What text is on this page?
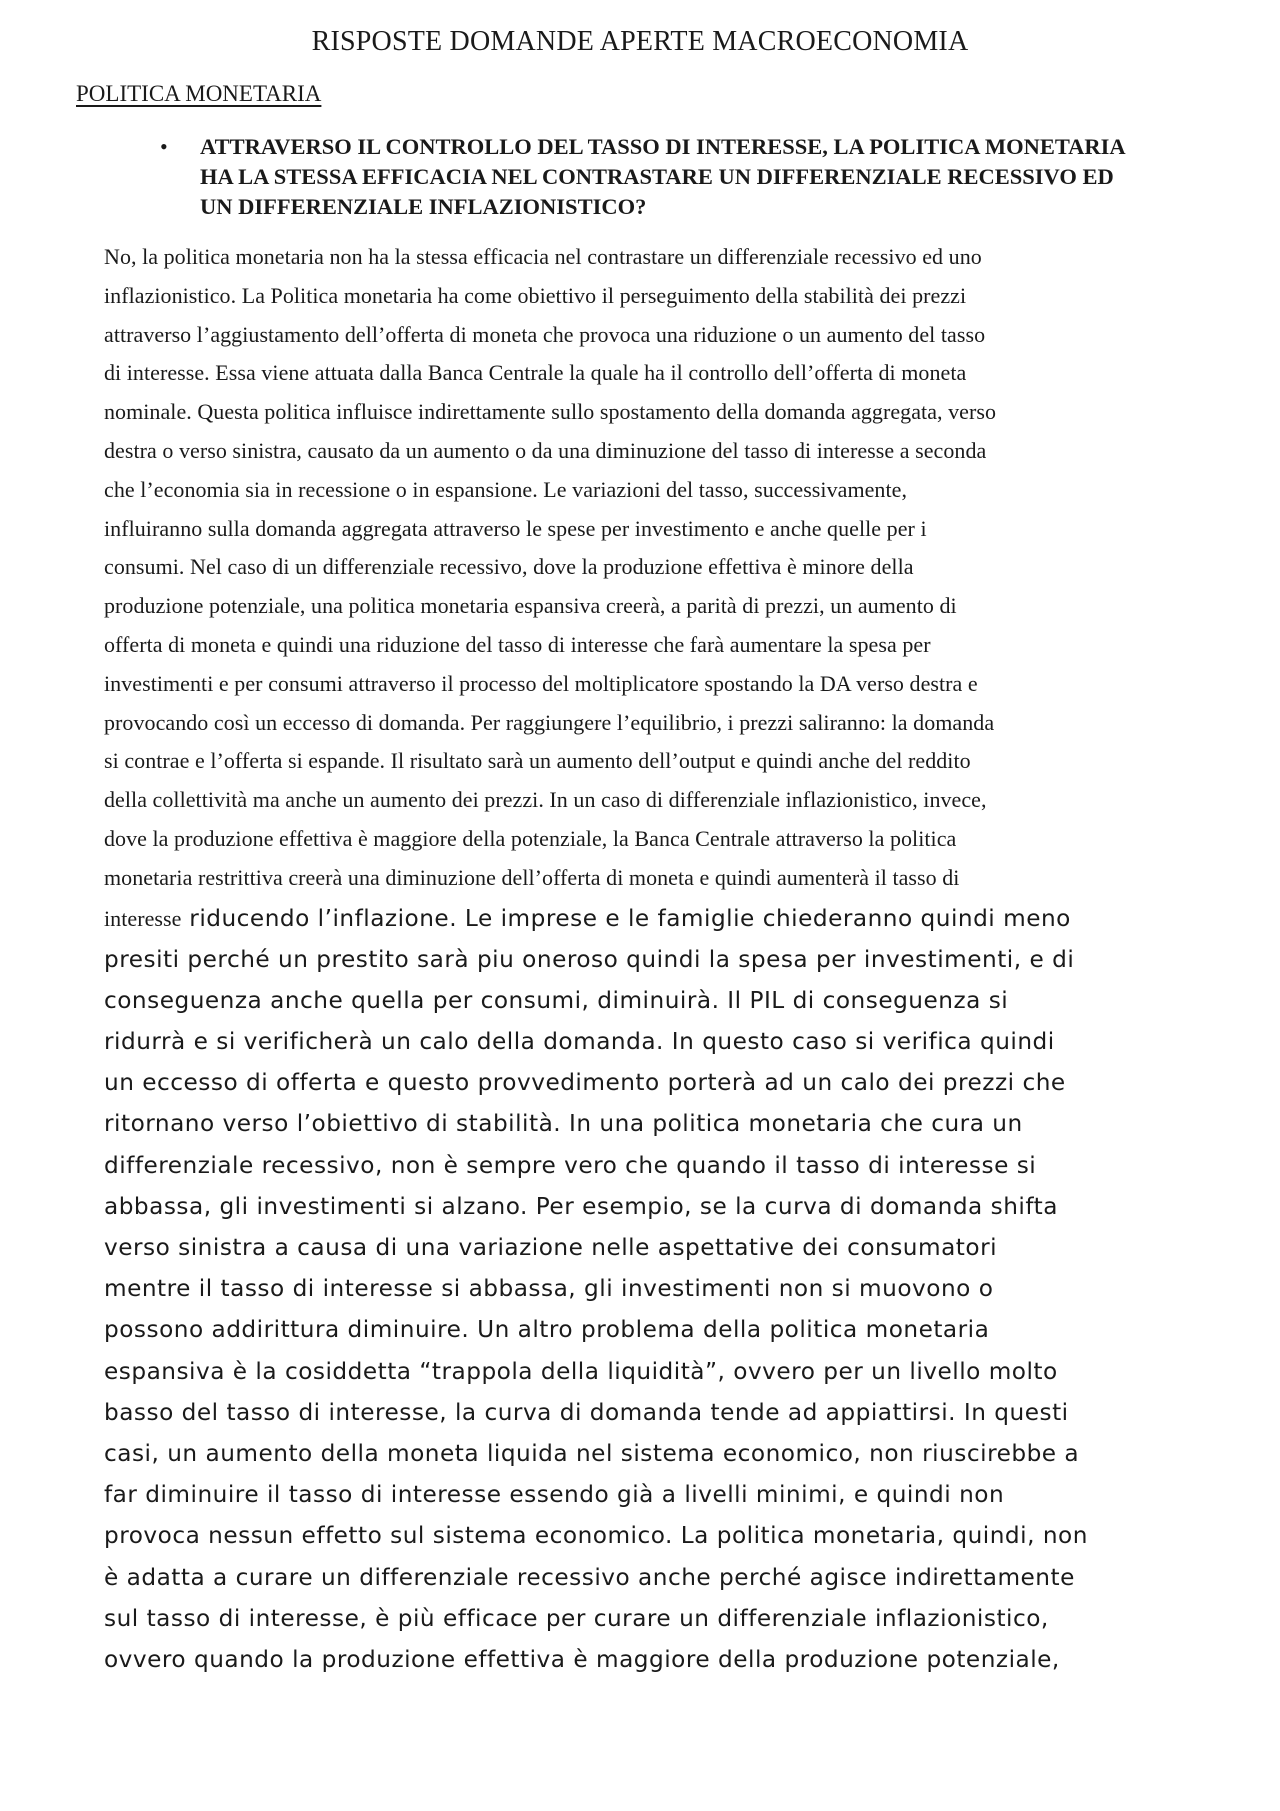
RISPOSTE DOMANDE APERTE MACROECONOMIA
POLITICA MONETARIA
•	ATTRAVERSO IL CONTROLLO DEL TASSO DI INTERESSE, LA POLITICA MONETARIA HA LA STESSA EFFICACIA NEL CONTRASTARE UN DIFFERENZIALE RECESSIVO ED UN DIFFERENZIALE INFLAZIONISTICO?

No, la politica monetaria non ha la stessa efficacia nel contrastare un differenziale recessivo ed uno
inflazionistico. La Politica monetaria ha come obiettivo il perseguimento della stabilità dei prezzi
attraverso l’aggiustamento dell’offerta di moneta che provoca una riduzione o un aumento del tasso
di interesse. Essa viene attuata dalla Banca Centrale la quale ha il controllo dell’offerta di moneta
nominale. Questa politica influisce indirettamente sullo spostamento della domanda aggregata, verso
destra o verso sinistra, causato da un aumento o da una diminuzione del tasso di interesse a seconda
che l’economia sia in recessione o in espansione. Le variazioni del tasso, successivamente,
influiranno sulla domanda aggregata attraverso le spese per investimento e anche quelle per i
consumi. Nel caso di un differenziale recessivo, dove la produzione effettiva è minore della
produzione potenziale, una politica monetaria espansiva creerà, a parità di prezzi, un aumento di
offerta di moneta e quindi una riduzione del tasso di interesse che farà aumentare la spesa per
investimenti e per consumi attraverso il processo del moltiplicatore spostando la DA verso destra e
provocando così un eccesso di domanda. Per raggiungere l’equilibrio, i prezzi saliranno: la domanda
si contrae e l’offerta si espande. Il risultato sarà un aumento dell’output e quindi anche del reddito
della collettività ma anche un aumento dei prezzi. In un caso di differenziale inflazionistico, invece,
dove la produzione effettiva è maggiore della potenziale, la Banca Centrale attraverso la politica
monetaria restrittiva creerà una diminuzione dell’offerta di moneta e quindi aumenterà il tasso di
interesse riducendo l’inflazione. Le imprese e le famiglie chiederanno quindi meno
presiti perché un prestito sarà piu oneroso quindi la spesa per investimenti, e di
conseguenza anche quella per consumi, diminuirà. Il PIL di conseguenza si
ridurrà e si verificherà un calo della domanda. In questo caso si verifica quindi
un eccesso di offerta e questo provvedimento porterà ad un calo dei prezzi che
ritornano verso l’obiettivo di stabilità. In una politica monetaria che cura un
differenziale recessivo, non è sempre vero che quando il tasso di interesse si
abbassa, gli investimenti si alzano. Per esempio, se la curva di domanda shifta
verso sinistra a causa di una variazione nelle aspettative dei consumatori
mentre il tasso di interesse si abbassa, gli investimenti non si muovono o
possono addirittura diminuire. Un altro problema della politica monetaria
espansiva è la cosiddetta “trappola della liquidità”, ovvero per un livello molto
basso del tasso di interesse, la curva di domanda tende ad appiattirsi. In questi
casi, un aumento della moneta liquida nel sistema economico, non riuscirebbe a
far diminuire il tasso di interesse essendo già a livelli minimi, e quindi non
provoca nessun effetto sul sistema economico. La politica monetaria, quindi, non
è adatta a curare un differenziale recessivo anche perché agisce indirettamente
sul tasso di interesse, è più efficace per curare un differenziale inflazionistico,
ovvero quando la produzione effettiva è maggiore della produzione potenziale,
